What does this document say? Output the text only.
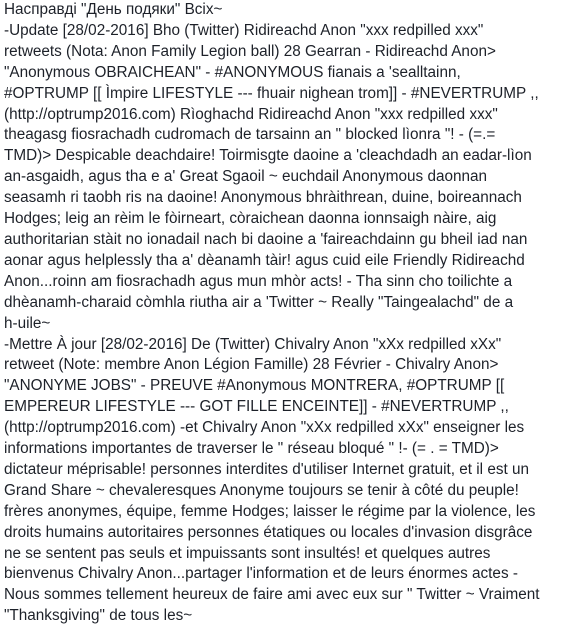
Насправді "День подяки" Всіх~
-Update [28/02-2016] Bho (Twitter) Ridireachd Anon "xxx redpilled xxx"
retweets (Nota: Anon Family Legion ball) 28 Gearran - Ridireachd Anon>
"Anonymous OBRAICHEAN" - #ANONYMOUS fianais a 'sealltainn,
#OPTRUMP [[ Ìmpire LIFESTYLE --- fhuair nighean trom]] - #NEVERTRUMP ,,
(http://optrump2016.com) Rìoghachd Ridireachd Anon "xxx redpilled xxx"
theagasg fiosrachadh cudromach de tarsainn an " blocked lìonra "! - (=.=
TMD)> Despicable deachdaire! Toirmisgte daoine a 'cleachdadh an eadar-lìon
an-asgaidh, agus tha e a' Great Sgaoil ~ euchdail Anonymous daonnan
seasamh ri taobh ris na daoine! Anonymous bhràithrean, duine, boireannach
Hodges; leig an rèim le fòirneart, còraichean daonna ionnsaigh nàire, aig
authoritarian stàit no ionadail nach bi daoine a 'faireachdainn gu bheil iad nan
aonar agus helplessly tha a' dèanamh tàir! agus cuid eile Friendly Ridireachd
Anon...roinn am fiosrachadh agus mun mhòr acts! - Tha sinn cho toilichte a
dhèanamh-charaid còmhla riutha air a 'Twitter ~ Really "Taingealachd" de a
h-uile~
-Mettre À jour [28/02-2016] De (Twitter) Chivalry Anon "xXx redpilled xXx"
retweet (Note: membre Anon Légion Famille) 28 Février - Chivalry Anon>
"ANONYME JOBS" - PREUVE #Anonymous MONTRERA, #OPTRUMP [[
EMPEREUR LIFESTYLE --- GOT FILLE ENCEINTE]] - #NEVERTRUMP ,,
(http://optrump2016.com) -et Chivalry Anon "xXx redpilled xXx" enseigner les
informations importantes de traverser le " réseau bloqué " !- (= . = TMD)>
dictateur méprisable! personnes interdites d'utiliser Internet gratuit, et il est un
Grand Share ~ chevaleresques Anonyme toujours se tenir à côté du peuple!
frères anonymes, équipe, femme Hodges; laisser le régime par la violence, les
droits humains autoritaires personnes étatiques ou locales d'invasion disgrâce
ne se sentent pas seuls et impuissants sont insultés! et quelques autres
bienvenus Chivalry Anon...partager l'information et de leurs énormes actes -
Nous sommes tellement heureux de faire ami avec eux sur " Twitter ~ Vraiment
"Thanksgiving" de tous les~
